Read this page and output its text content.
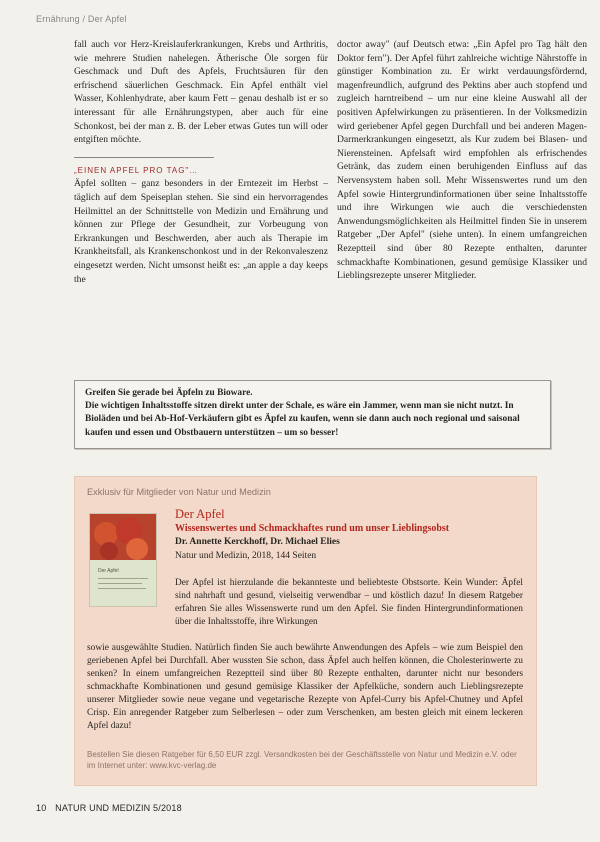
Ernährung / Der Apfel

fall auch vor Herz-Kreislauferkrankungen, Krebs und Arthritis, wie mehrere Studien nahelegen. Ätherische Öle sorgen für Geschmack und Duft des Apfels, Fruchtsäuren für den erfrischend säuerlichen Geschmack. Ein Apfel enthält viel Wasser, Kohlenhydrate, aber kaum Fett – genau deshalb ist er so interessant für alle Ernährungstypen, aber auch für eine Schonkost, bei der man z. B. der Leber etwas Gutes tun will oder entgiften möchte.

„EINEN APFEL PRO TAG"…

Äpfel sollten – ganz besonders in der Erntezeit im Herbst – täglich auf dem Speiseplan stehen. Sie sind ein hervorragendes Heilmittel an der Schnittstelle von Medizin und Ernährung und können zur Pflege der Gesundheit, zur Vorbeugung von Erkrankungen und Beschwerden, aber auch als Therapie im Krankheitsfall, als Krankenschonkost und in der Rekonvaleszenz eingesetzt werden. Nicht umsonst heißt es: „an apple a day keeps the

doctor away" (auf Deutsch etwa: „Ein Apfel pro Tag hält den Doktor fern"). Der Apfel führt zahlreiche wichtige Nährstoffe in günstiger Kombination zu. Er wirkt verdauungsfördernd, magenfreundlich, aufgrund des Pektins aber auch stopfend und zugleich harntreibend – um nur eine kleine Auswahl all der positiven Apfelwirkungen zu präsentieren. In der Volksmedizin wird geriebener Apfel gegen Durchfall und bei anderen Magen-Darmerkrankungen eingesetzt, als Kur zudem bei Blasen- und Nierensteinen. Apfelsaft wird empfohlen als erfrischendes Getränk, das zudem einen beruhigenden Einfluss auf das Nervensystem haben soll. Mehr Wissenswertes rund um den Apfel sowie Hintergrundinformationen über seine Inhaltsstoffe und ihre Wirkungen wie auch die verschiedensten Anwendungsmöglichkeiten als Heilmittel finden Sie in unserem Ratgeber „Der Apfel" (siehe unten). In einem umfangreichen Rezeptteil sind über 80 Rezepte enthalten, darunter schmackhafte Kombinationen, gesund gemüsige Klassiker und Lieblingsrezepte unserer Mitglieder.

Greifen Sie gerade bei Äpfeln zu Bioware.

Die wichtigen Inhaltsstoffe sitzen direkt unter der Schale, es wäre ein Jammer, wenn man sie nicht nutzt. In Bioläden und bei Ab-Hof-Verkäufern gibt es Äpfel zu kaufen, wenn sie dann auch noch regional und saisonal kaufen und essen und Obstbauern unterstützen – um so besser!

Exklusiv für Mitglieder von Natur und Medizin
Der Apfel
Der Apfel
Wissenswertes und Schmackhaftes rund um unser Lieblingsobst
Dr. Annette Kerckhoff, Dr. Michael Elies
Natur und Medizin, 2018, 144 Seiten

Der Apfel ist hierzulande die bekannteste und beliebteste Obstsorte. Kein Wunder: Äpfel sind nahrhaft und gesund, vielseitig verwendbar – und köstlich dazu! In diesem Ratgeber erfahren Sie alles Wissenswerte rund um den Apfel. Sie finden Hintergrundinformationen über die Inhaltsstoffe, ihre Wirkungen

sowie ausgewählte Studien. Natürlich finden Sie auch bewährte Anwendungen des Apfels – wie zum Beispiel den geriebenen Apfel bei Durchfall. Aber wussten Sie schon, dass Äpfel auch helfen können, die Cholesterinwerte zu senken? In einem umfangreichen Rezeptteil sind über 80 Rezepte enthalten, darunter nicht nur besonders schmackhafte Kombinationen und gesund gemüsige Klassiker der Apfelküche, sondern auch Lieblingsrezepte unserer Mitglieder sowie neue vegane und vegetarische Rezepte von Apfel-Curry bis Apfel-Chutney und Apfel Crisp. Ein anregender Ratgeber zum Selberlesen – oder zum Verschenken, am besten gleich mit einem leckeren Apfel dazu!

Bestellen Sie diesen Ratgeber für 6,50 EUR zzgl. Versandkosten bei der Geschäftsstelle von Natur und Medizin e.V. oder im Internet unter: www.kvc-verlag.de

10 NATUR UND MEDIZIN 5/2018
